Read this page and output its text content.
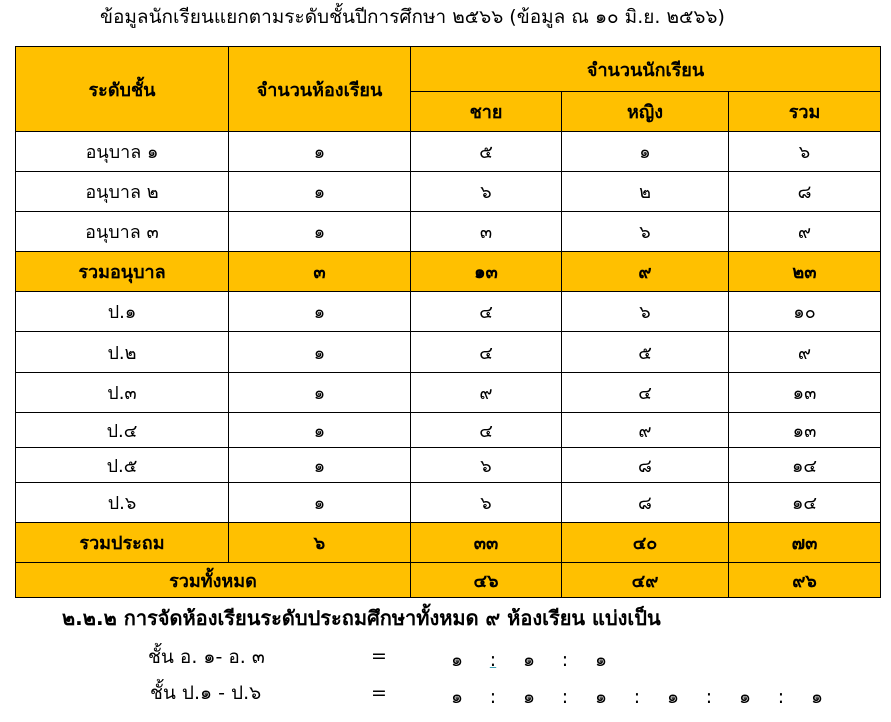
ข้อมูลนักเรียนแยกตามระดับชั้นปีการศึกษา ๒๕๖๖ (ข้อมูล ณ ๑๐ มิ.ย. ๒๕๖๖)
ระดับชั้น	จำนวนห้องเรียน	จำนวนนักเรียน		
		ชาย	หญิง	รวม
อนุบาล ๑	๑	๕	๑	๖
อนุบาล ๒	๑	๖	๒	๘
อนุบาล ๓	๑	๓	๖	๙
รวมอนุบาล	๓	๑๓	๙	๒๓
ป.๑	๑	๔	๖	๑๐
ป.๒	๑	๔	๕	๙
ป.๓	๑	๙	๔	๑๓
ป.๔	๑	๔	๙	๑๓
ป.๕	๑	๖	๘	๑๔
ป.๖	๑	๖	๘	๑๔
รวมประถม	๖	๓๓	๔๐	๗๓
รวมทั้งหมด		๔๖	๔๙	๙๖
๒.๒.๒ การจัดห้องเรียนระดับประถมศึกษาทั้งหมด ๙ ห้องเรียน แบ่งเป็น
ชั้น อ. ๑- อ. ๓	=	๑ : ๑ : ๑
ชั้น ป.๑ - ป.๖	=	๑ : ๑ : ๑ : ๑ : ๑ : ๑
